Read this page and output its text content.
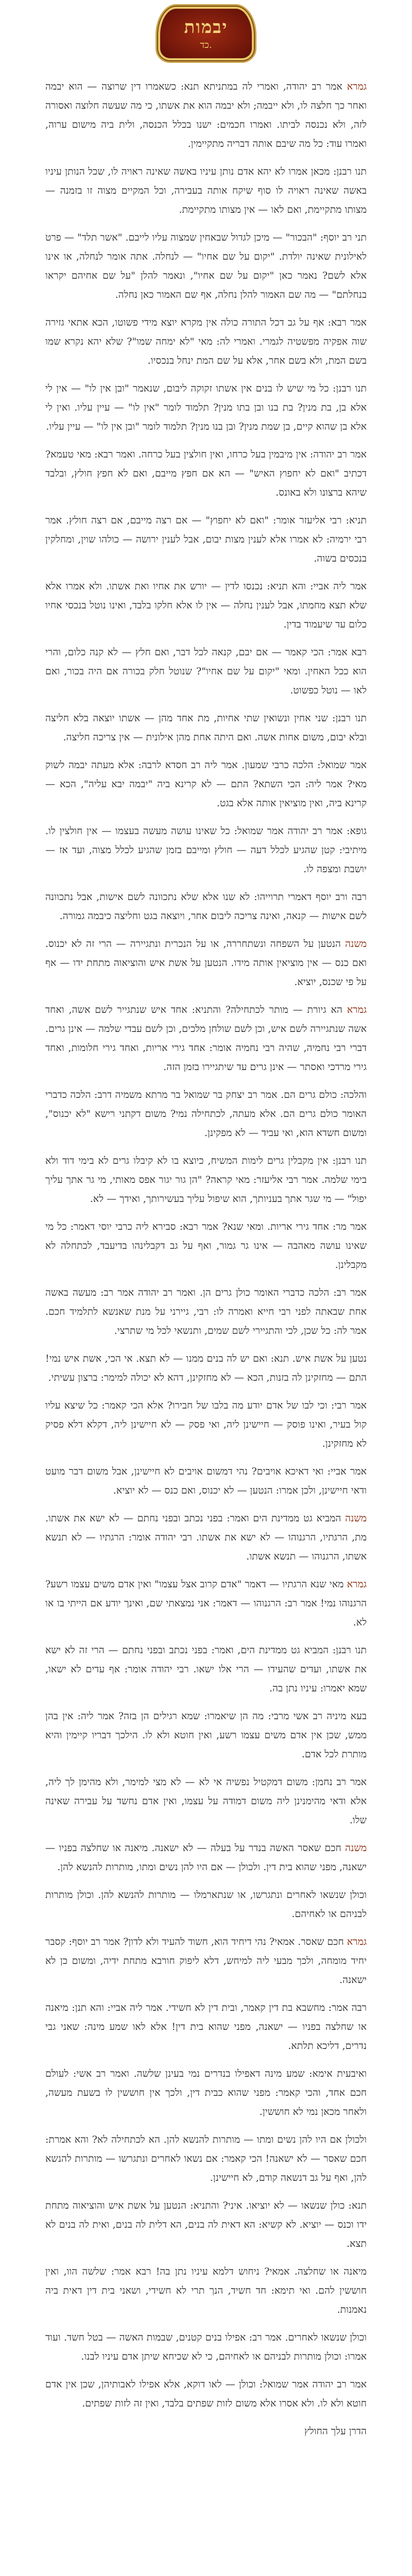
יבמות
כד.

גמרא אמר רב יהודה, ואמרי לה במתניתא תנא: כשאמרו דין שרוצה — הוא יבמה ואחר כך חלצה לו, ולא ייבמה; ולא יבמה הוא את אשתו, כי מה שעשה חלוצה ואסורה לזה, ולא נכנסה לביתו. ואמרו חכמים: ישנו בכלל הכנסה, ולית ביה מישום ערוה, ואמרו עוד: כל מה שיבם אותה דבריה מתקיימין.

תנו רבנן: מכאן אמרו לא יהא אדם נותן עיניו באשה שאינה ראויה לו, שכל הנותן עיניו באשה שאינה ראויה לו סוף שיקח אותה בעבירה, וכל המקיים מצוה זו בזמנה — מצותו מתקיימת, ואם לאו — אין מצותו מתקיימת.

תני רב יוסף: "הבכור" — מיכן לגדול שבאחין שמצוה עליו לייבם. "אשר תלד" — פרט לאילונית שאינה יולדת. "יקום על שם אחיו" — לנחלה. אתה אומר לנחלה, או אינו אלא לשם? נאמר כאן "יקום על שם אחיו", ונאמר להלן "על שם אחיהם יקראו בנחלתם" — מה שם האמור להלן נחלה, אף שם האמור כאן נחלה.

אמר רבא: אף על גב דכל התורה כולה אין מקרא יוצא מידי פשוטו, הכא אתאי גזירה שוה אפקיה מפשטיה לגמרי. ואמרי לה: מאי "לא ימחה שמו"? שלא יהא נקרא שמו בשם המת, ולא בשם אחר, אלא על שם המת ינחל בנכסיו.

תנו רבנן: כל מי שיש לו בנים אין אשתו זקוקה ליבום, שנאמר "ובן אין לו" — אין לי אלא בן, בת מנין? בת בנו ובן בתו מנין? תלמוד לומר "אין לו" — עיין עליו. ואין לי אלא בן שהוא קיים, בן שמת מנין? ובן בנו מנין? תלמוד לומר "ובן אין לו" — עיין עליו.

אמר רב יהודה: אין מיבמין בעל כרחו, ואין חולצין בעל כרחה. ואמר רבא: מאי טעמא? דכתיב "ואם לא יחפוץ האיש" — הא אם חפץ מייבם, ואם לא חפץ חולץ, ובלבד שיהא ברצונו ולא באונס.

תניא: רבי אליעזר אומר: "ואם לא יחפוץ" — אם רצה מייבם, אם רצה חולץ. אמר רבי ירמיה: לא אמרו אלא לענין מצות יבום, אבל לענין ירושה — כולהו שוין, ומחלקין בנכסים בשוה.

אמר ליה אביי: והא תניא: נכנסו לדין — יורש את אחיו ואת אשתו. ולא אמרו אלא שלא תצא מחמתו, אבל לענין נחלה — אין לו אלא חלקו בלבד, ואינו נוטל בנכסי אחיו כלום עד שיעמוד בדין.

רבא אמר: הכי קאמר — אם יבם, קנאה לכל דבר, ואם חלץ — לא קנה כלום, והרי הוא ככל האחין. ומאי "יקום על שם אחיו"? שנוטל חלק בכורה אם היה בכור, ואם לאו — נוטל כפשוט.

תנו רבנן: שני אחין ונשואין שתי אחיות, מת אחד מהן — אשתו יוצאה בלא חליצה ובלא יבום, משום אחות אשה. ואם היתה אחת מהן אילונית — אין צריכה חליצה.

אמר שמואל: הלכה כרבי שמעון. אמר ליה רב חסדא לרבה: אלא מעתה יבמה לשוק מאי? אמר ליה: הכי השתא? התם — לא קרינא ביה "יבמה יבא עליה", הכא — קרינא ביה, ואין מוציאין אותה אלא בגט.

גופא: אמר רב יהודה אמר שמואל: כל שאינו עושה מעשה בעצמו — אין חולצין לו. מיתיבי: קטן שהגיע לכלל דעה — חולץ ומייבם בזמן שהגיע לכלל מצוה, ועד אז — יושבת ומצפה לו.

רבה ורב יוסף דאמרי תרוייהו: לא שנו אלא שלא נתכוונה לשם אישות, אבל נתכוונה לשם אישות — קנאה, ואינה צריכה ליבום אחר, ויוצאה בגט וחליצה כיבמה גמורה.

משנה הנטען על השפחה ונשתחררה, או על הנכרית ונתגיירה — הרי זה לא יכנוס. ואם כנס — אין מוציאין אותה מידו. הנטען על אשת איש והוציאוה מתחת ידו — אף על פי שכנס, יוציא.

גמרא הא גיורת — מותר לכתחילה? והתניא: אחד איש שנתגייר לשם אשה, ואחד אשה שנתגיירה לשם איש, וכן לשם שולחן מלכים, וכן לשם עבדי שלמה — אינן גרים. דברי רבי נחמיה, שהיה רבי נחמיה אומר: אחד גירי אריות, ואחד גירי חלומות, ואחד גירי מרדכי ואסתר — אינן גרים עד שיתגיירו בזמן הזה.

והלכה: כולם גרים הם. אמר רב יצחק בר שמואל בר מרתא משמיה דרב: הלכה כדברי האומר כולם גרים הם. אלא מעתה, לכתחילה נמי? משום דקתני רישא "לא יכנוס", ומשום חשדא הוא, ואי עביד — לא מפקינן.

תנו רבנן: אין מקבלין גרים לימות המשיח, כיוצא בו לא קיבלו גרים לא בימי דוד ולא בימי שלמה. אמר רבי אליעזר: מאי קראה? "הן גור יגור אפס מאותי, מי גר אתך עליך יפול" — מי שגר אתך בעניותך, הוא שיפול עליך בעשירותך, ואידך — לא.

אמר מר: אחד גירי אריות. ומאי שנא? אמר רבא: סבירא ליה כרבי יוסי דאמר: כל מי שאינו עושה מאהבה — אינו גר גמור, ואף על גב דקבלינהו בדיעבד, לכתחלה לא מקבלינן.

אמר רב: הלכה כדברי האומר כולן גרים הן. ואמר רב יהודה אמר רב: מעשה באשה אחת שבאתה לפני רבי חייא ואמרה לו: רבי, גיירני על מנת שאנשא לתלמיד חכם. אמר לה: כל שכן, לכי והתגיירי לשם שמים, ותנשאי לכל מי שתרצי.

נטען על אשת איש. תנא: ואם יש לה בנים ממנו — לא תצא. אי הכי, אשת איש נמי! התם — מחזקינן לה בזנות, הכא — לא מחזקינן, דהא לא יכולה למימר: ברצון עשיתי.

אמר רבי: וכי לבו של אדם יודע מה בלבו של חבירו? אלא הכי קאמר: כל שיצא עליו קול בעיר, ואינו פוסק — חיישינן ליה, ואי פסק — לא חיישינן ליה, דקלא דלא פסיק לא מחזקינן.

אמר אביי: ואי דאיכא אויבים? נהי דמשום אויבים לא חיישינן, אבל משום דבר מועט ודאי חיישינן, ולכן אמרו: הנטען — לא יכנוס, ואם כנס — לא יוציא.

משנה המביא גט ממדינת הים ואמר: בפני נכתב ובפני נחתם — לא ישא את אשתו. מת, הרגתיו, הרגנוהו — לא ישא את אשתו. רבי יהודה אומר: הרגתיו — לא תנשא אשתו, הרגנוהו — תנשא אשתו.

גמרא מאי שנא הרגתיו — דאמר "אדם קרוב אצל עצמו" ואין אדם משים עצמו רשע? הרגנוהו נמי! אמר רב: הרגנוהו — דאמר: אני נמצאתי שם, ואינך יודע אם הייתי בו או לא.

תנו רבנן: המביא גט ממדינת הים, ואמר: בפני נכתב ובפני נחתם — הרי זה לא ישא את אשתו, ועדים שהעידו — הרי אלו ישאו. רבי יהודה אומר: אף עדים לא ישאו, שמא יאמרו: עיניו נתן בה.

בעא מיניה רב אשי מרבי: מה הן שיאמרו: שמא רגילים הן בזה? אמר ליה: אין בהן ממש, שכן אין אדם משים עצמו רשע, ואין חוטא ולא לו. הילכך דבריו קיימין והיא מותרת לכל אדם.

אמר רב נחמן: משום דמקטיל נפשיה אי לא — לא מצי למימר, ולא מהימן לך ליה, אלא ודאי מהימנינן ליה משום דמודה על עצמו, ואין אדם נחשד על עבירה שאינה שלו.

משנה חכם שאסר האשה בנדר על בעלה — לא ישאנה. מיאנה או שחלצה בפניו — ישאנה, מפני שהוא בית דין. ולכולן — אם היו להן נשים ומתו, מותרות להנשא להן.

וכולן שנשאו לאחרים ונתגרשו, או שנתארמלו — מותרות להנשא להן. וכולן מותרות לבניהם או לאחיהם.

גמרא חכם שאסר. אמאי? נהי דיחיד הוא, חשוד להעיד ולא לדון? אמר רב יוסף: קסבר יחיד מומחה, ולכך מבעי ליה למיחש, דלא ליפוק חורבא מתחת ידיה, ומשום כן לא ישאנה.

רבה אמר: מחשבא בת דין קאמר, ובית דין לא חשידי. אמר ליה אביי: והא תנן: מיאנה או שחלצה בפניו — ישאנה, מפני שהוא בית דין! אלא לאו שמע מינה: שאני גבי נדרים, דליכא תלתא.

ואיבעית אימא: שמע מינה דאפילו בנדרים נמי בעינן שלשה. ואמר רב אשי: לעולם חכם אחד, והכי קאמר: מפני שהוא כבית דין, ולכך אין חוששין לו בשעת מעשה, ולאחר מכאן נמי לא חוששין.

ולכולן אם היו להן נשים ומתו — מותרות להנשא להן. הא לכתחילה לא? והא אמרת: חכם שאסר — לא ישאנה! הכי קאמר: אם נשאו לאחרים ונתגרשו — מותרות להנשא להן, ואף על גב דנשאה קודם, לא חיישינן.

תנא: כולן שנשאו — לא יוציאו. איני? והתניא: הנטען על אשת איש והוציאוה מתחת ידו וכנס — יוציא. לא קשיא: הא דאית לה בנים, הא דלית לה בנים, ואית לה בנים לא תצא.

מיאנה או שחלצה. אמאי? ניחוש דלמא עיניו נתן בה! רבא אמר: שלשה הוו, ואין חוששין להם. ואי תימא: חד חשיד, הנך תרי לא חשידי, ושאני בית דין דאית ביה נאמנות.

וכולן שנשאו לאחרים. אמר רב: אפילו בנים קטנים, שבמות האשה — בטל חשד. ועוד אמרו: וכולן מותרות לבניהם או לאחיהם, כי לא שכיחא שיתן אדם עיניו לבנו.

אמר רב יהודה אמר שמואל: וכולן — לאו דוקא, אלא אפילו לאבותיהן, שכן אין אדם חוטא ולא לו. ולא אסרו אלא משום לזות שפתים בלבד, ואין זה לזות שפתים.

הדרן עלך החולץ
